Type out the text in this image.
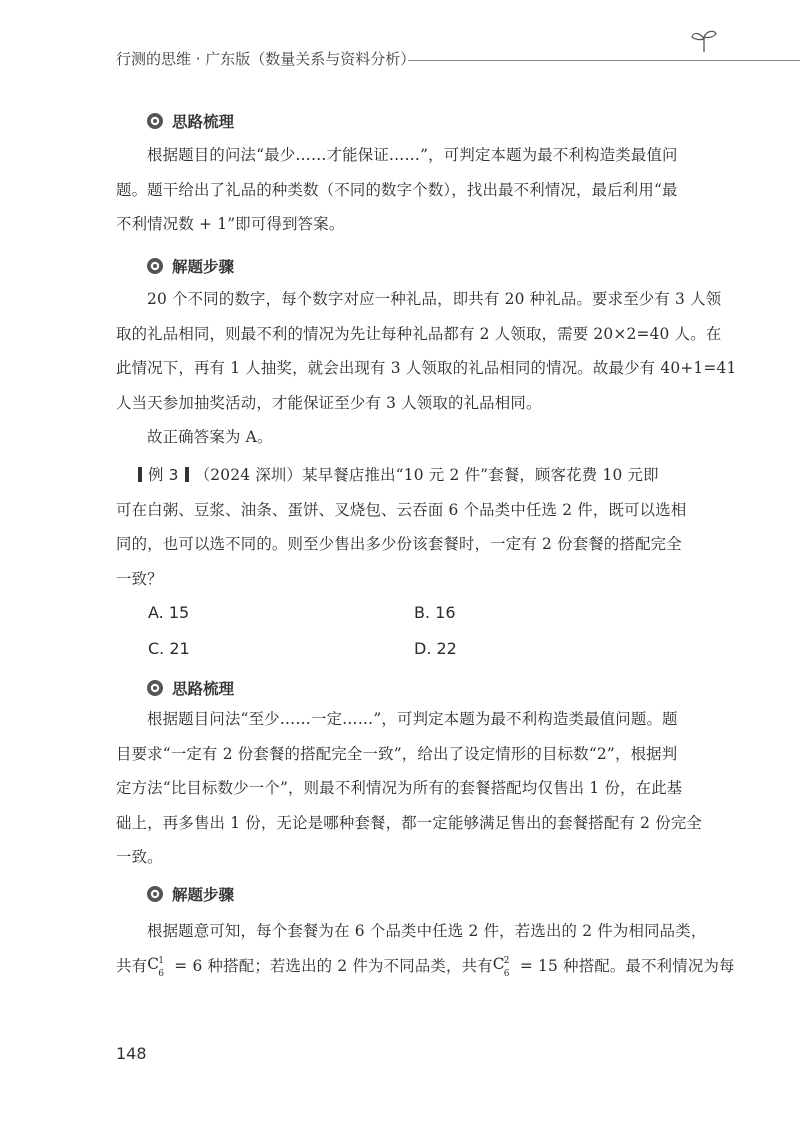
行测的思维 · 广东版（数量关系与资料分析）
思路梳理
根据题目的问法“最少……才能保证……”，可判定本题为最不利构造类最值问
题。题干给出了礼品的种类数（不同的数字个数），找出最不利情况，最后利用“最
不利情况数 + 1”即可得到答案。
解题步骤
20 个不同的数字，每个数字对应一种礼品，即共有 20 种礼品。要求至少有 3 人领
取的礼品相同，则最不利的情况为先让每种礼品都有 2 人领取，需要 20×2=40 人。在
此情况下，再有 1 人抽奖，就会出现有 3 人领取的礼品相同的情况。故最少有 40+1=41
人当天参加抽奖活动，才能保证至少有 3 人领取的礼品相同。
故正确答案为 A。
例 3 （2024 深圳）某早餐店推出“10 元 2 件”套餐，顾客花费 10 元即
可在白粥、豆浆、油条、蛋饼、叉烧包、云吞面 6 个品类中任选 2 件，既可以选相
同的，也可以选不同的。则至少售出多少份该套餐时，一定有 2 份套餐的搭配完全
一致？
A. 15	B. 16
C. 21	D. 22
思路梳理
根据题目问法“至少……一定……”，可判定本题为最不利构造类最值问题。题
目要求“一定有 2 份套餐的搭配完全一致”，给出了设定情形的目标数“2”，根据判
定方法“比目标数少一个”，则最不利情况为所有的套餐搭配均仅售出 1 份，在此基
础上，再多售出 1 份，无论是哪种套餐，都一定能够满足售出的套餐搭配有 2 份完全
一致。
解题步骤
根据题意可知，每个套餐为在 6 个品类中任选 2 件，若选出的 2 件为相同品类，
共有 C 1
6 = 6 种搭配；若选出的 2 件为不同品类，共有 C 2
6 = 15 种搭配。最不利情况为每
148
